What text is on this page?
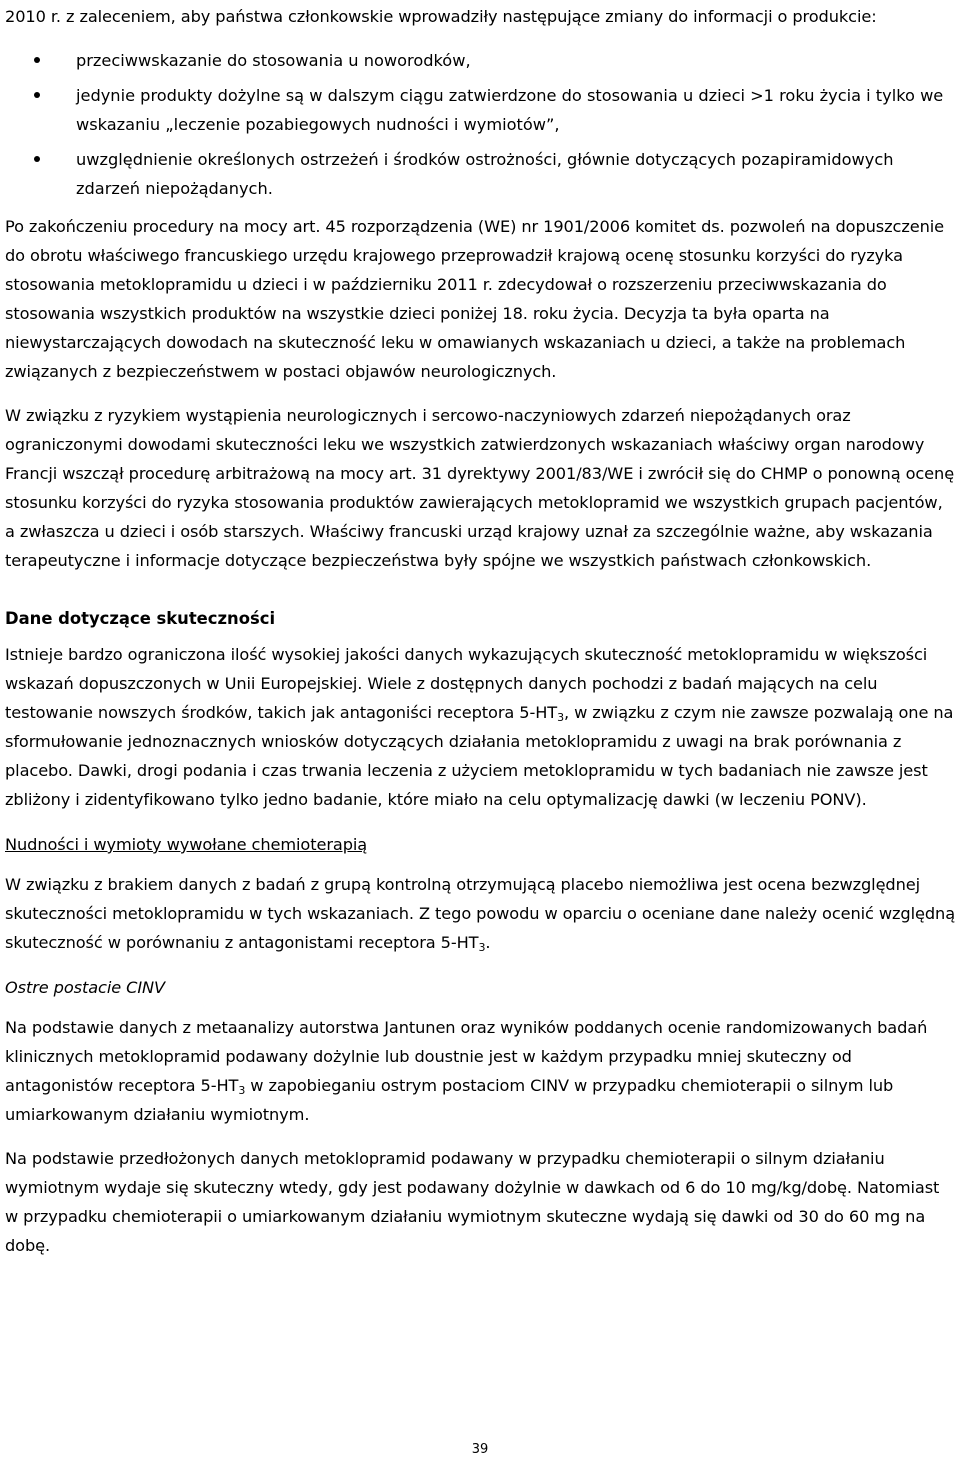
2010 r. z zaleceniem, aby państwa członkowskie wprowadziły następujące zmiany do informacji o produkcie:

przeciwwskazanie do stosowania u noworodków,
jedynie produkty dożylne są w dalszym ciągu zatwierdzone do stosowania u dzieci >1 roku życia i tylko we wskazaniu „leczenie pozabiegowych nudności i wymiotów”,
uwzględnienie określonych ostrzeżeń i środków ostrożności, głównie dotyczących pozapiramidowych zdarzeń niepożądanych.

Po zakończeniu procedury na mocy art. 45 rozporządzenia (WE) nr 1901/2006 komitet ds. pozwoleń na dopuszczenie do obrotu właściwego francuskiego urzędu krajowego przeprowadził krajową ocenę stosunku korzyści do ryzyka stosowania metoklopramidu u dzieci i w październiku 2011 r. zdecydował o rozszerzeniu przeciwwskazania do stosowania wszystkich produktów na wszystkie dzieci poniżej 18. roku życia. Decyzja ta była oparta na niewystarczających dowodach na skuteczność leku w omawianych wskazaniach u dzieci, a także na problemach związanych z bezpieczeństwem w postaci objawów neurologicznych.

W związku z ryzykiem wystąpienia neurologicznych i sercowo-naczyniowych zdarzeń niepożądanych oraz ograniczonymi dowodami skuteczności leku we wszystkich zatwierdzonych wskazaniach właściwy organ narodowy Francji wszczął procedurę arbitrażową na mocy art. 31 dyrektywy 2001/83/WE i zwrócił się do CHMP o ponowną ocenę stosunku korzyści do ryzyka stosowania produktów zawierających metoklopramid we wszystkich grupach pacjentów, a zwłaszcza u dzieci i osób starszych. Właściwy francuski urząd krajowy uznał za szczególnie ważne, aby wskazania terapeutyczne i informacje dotyczące bezpieczeństwa były spójne we wszystkich państwach członkowskich.

Dane dotyczące skuteczności

Istnieje bardzo ograniczona ilość wysokiej jakości danych wykazujących skuteczność metoklopramidu w większości wskazań dopuszczonych w Unii Europejskiej. Wiele z dostępnych danych pochodzi z badań mających na celu testowanie nowszych środków, takich jak antagoniści receptora $5-HT_3$, w związku z czym nie zawsze pozwalają one na sformułowanie jednoznacznych wniosków dotyczących działania metoklopramidu z uwagi na brak porównania z placebo. Dawki, drogi podania i czas trwania leczenia z użyciem metoklopramidu w tych badaniach nie zawsze jest zbliżony i zidentyfikowano tylko jedno badanie, które miało na celu optymalizację dawki (w leczeniu PONV).

Nudności i wymioty wywołane chemioterapią

W związku z brakiem danych z badań z grupą kontrolną otrzymującą placebo niemożliwa jest ocena bezwzględnej skuteczności metoklopramidu w tych wskazaniach. Z tego powodu w oparciu o oceniane dane należy ocenić względną skuteczność w porównaniu z antagonistami receptora $5-HT_3$.

Ostre postacie CINV

Na podstawie danych z metaanalizy autorstwa Jantunen oraz wyników poddanych ocenie randomizowanych badań klinicznych metoklopramid podawany dożylnie lub doustnie jest w każdym przypadku mniej skuteczny od antagonistów receptora $5-HT_3$ w zapobieganiu ostrym postaciom CINV w przypadku chemioterapii o silnym lub umiarkowanym działaniu wymiotnym.

Na podstawie przedłożonych danych metoklopramid podawany w przypadku chemioterapii o silnym działaniu wymiotnym wydaje się skuteczny wtedy, gdy jest podawany dożylnie w dawkach od 6 do 10 mg/kg/dobę. Natomiast w przypadku chemioterapii o umiarkowanym działaniu wymiotnym skuteczne wydają się dawki od 30 do 60 mg na dobę.

39
